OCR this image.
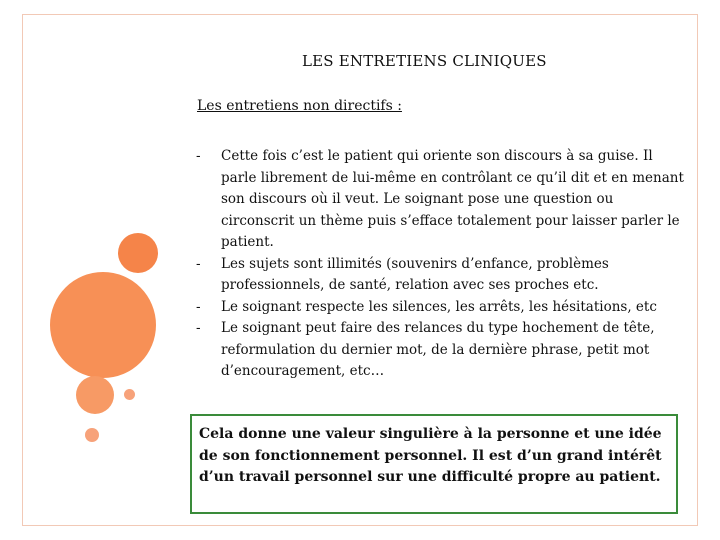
LES ENTRETIENS CLINIQUES
Les entretiens non directifs :
- Cette fois c’est le patient qui oriente son discours à sa guise. Il parle librement de lui-même en contrôlant ce qu’il dit et en menant son discours où il veut. Le soignant pose une question ou circonscrit un thème puis s’efface totalement pour laisser parler le patient.
- Les sujets sont illimités (souvenirs d’enfance, problèmes professionnels, de santé, relation avec ses proches etc.
- Le soignant respecte les silences, les arrêts, les hésitations, etc
- Le soignant peut faire des relances du type hochement de tête, reformulation du dernier mot, de la dernière phrase, petit mot d’encouragement, etc…
Cela donne une valeur singulière à la personne et une idée de son fonctionnement personnel. Il est d’un grand intérêt d’un travail personnel sur une difficulté propre au patient.
